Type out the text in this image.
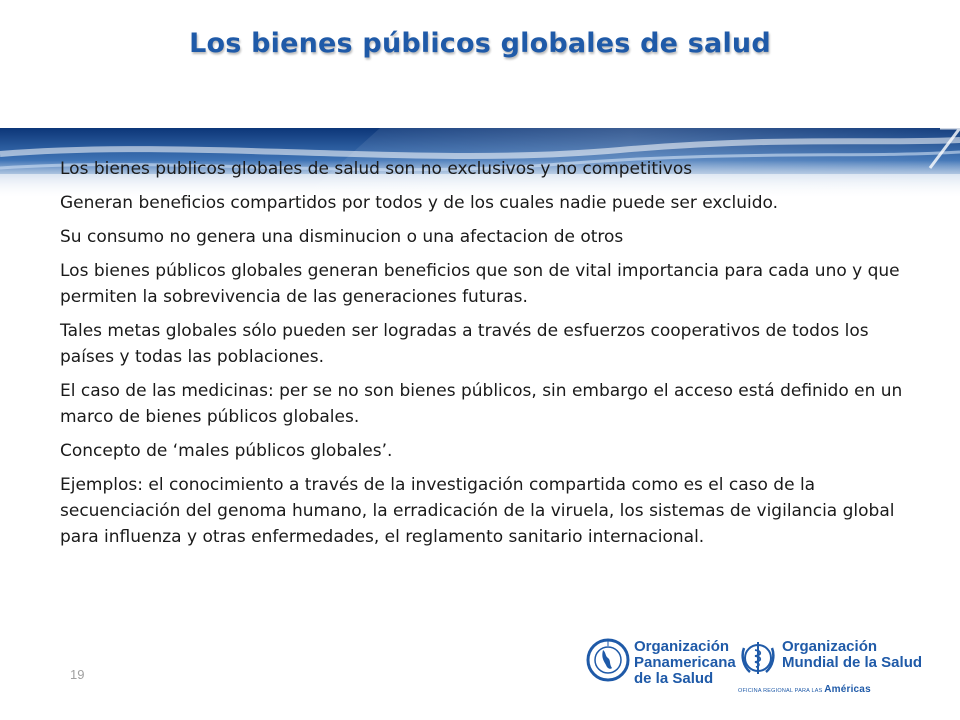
Los bienes públicos globales de salud

Los bienes publicos globales de salud son no exclusivos y no competitivos

Generan beneficios compartidos por todos y de los cuales nadie puede ser excluido.

Su consumo no genera una disminucion o una afectacion de otros

Los bienes públicos globales generan beneficios que son de vital importancia para cada uno y que permiten la sobrevivencia de las generaciones futuras.

Tales metas globales sólo pueden ser logradas a través de esfuerzos cooperativos de todos los países y todas las poblaciones.

El caso de las medicinas: per se no son bienes públicos, sin embargo el acceso está definido en un marco de bienes públicos globales.

Concepto de ‘males públicos globales’.

Ejemplos: el conocimiento a través de la investigación compartida como es el caso de la secuenciación del genoma humano, la erradicación de la viruela, los sistemas de vigilancia global para influenza y otras enfermedades, el reglamento sanitario internacional.

19
Organización
Panamericana
de la Salud
Organización
Mundial de la Salud
OFICINA REGIONAL PARA LAS Américas
